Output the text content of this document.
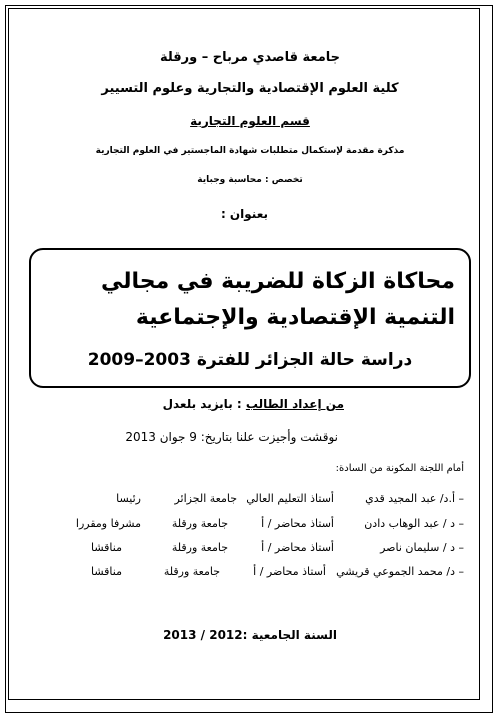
جامعة قاصدي مرباح – ورقلة
كلية العلوم الإقتصادية والتجارية وعلوم التسيير
قسم العلوم التجارية
مذكرة مقدمة لإستكمال متطلبات شهادة الماجستير في العلوم التجارية
تخصص : محاسبة وجباية
بعنوان :
محاكاة الزكاة للضريبة في مجالي التنمية الإقتصادية والإجتماعية
دراسة حالة الجزائر للفترة 2003–2009
من إعداد الطالب : بايزيد بلعدل
نوقشت وأجيزت علنا بتاريخ: 9 جوان 2013
أمام اللجنة المكونة من السادة:
– أ.د/ عبد المجيد قدي
أستاذ التعليم العالي
جامعة الجزائر
رئيسا
– د / عبد الوهاب دادن
أستاذ محاضر / أ
جامعة ورقلة
مشرفا ومقررا
– د / سليمان ناصر
أستاذ محاضر / أ
جامعة ورقلة
مناقشا
– د/ محمد الجموعي قريشي
أستاذ محاضر / أ
جامعة ورقلة
مناقشا
السنة الجامعية :2012 / 2013
